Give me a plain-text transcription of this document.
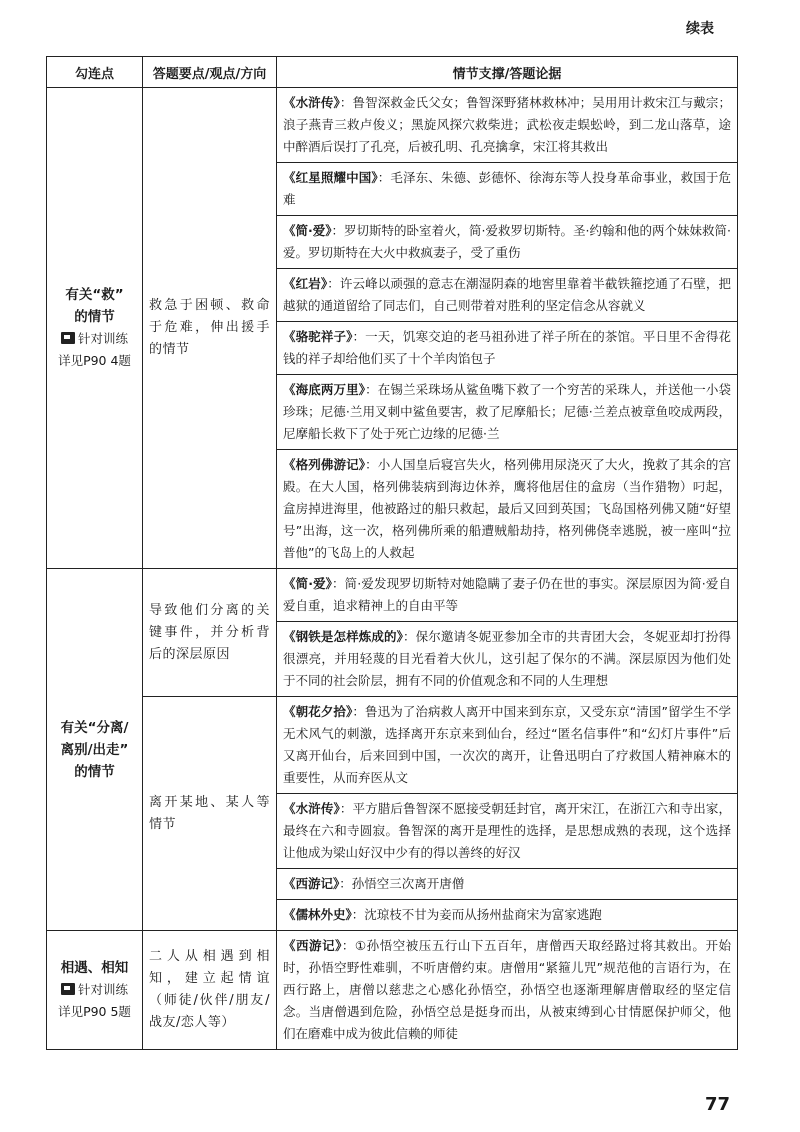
续表
勾连点	答题要点/观点/方向	情节支撑/答题论据

有关“救”
的情节
针对训练
详见P90 4题	救急于困顿、救命于危难，伸出援手的情节	《水浒传》：鲁智深救金氏父女；鲁智深野猪林救林冲；吴用用计救宋江与戴宗；浪子燕青三救卢俊义；黑旋风探穴救柴进；武松夜走蜈蚣岭，到二龙山落草，途中醉酒后误打了孔亮，后被孔明、孔亮擒拿，宋江将其救出
		《红星照耀中国》：毛泽东、朱德、彭德怀、徐海东等人投身革命事业，救国于危难
		《简·爱》：罗切斯特的卧室着火，简·爱救罗切斯特。圣·约翰和他的两个妹妹救简·爱。罗切斯特在大火中救疯妻子，受了重伤
		《红岩》：许云峰以顽强的意志在潮湿阴森的地窖里靠着半截铁箍挖通了石壁，把越狱的通道留给了同志们，自己则带着对胜利的坚定信念从容就义
		《骆驼祥子》：一天，饥寒交迫的老马祖孙进了祥子所在的茶馆。平日里不舍得花钱的祥子却给他们买了十个羊肉馅包子
		《海底两万里》：在锡兰采珠场从鲨鱼嘴下救了一个穷苦的采珠人，并送他一小袋珍珠；尼德·兰用叉刺中鲨鱼要害，救了尼摩船长；尼德·兰差点被章鱼咬成两段，尼摩船长救下了处于死亡边缘的尼德·兰
		《格列佛游记》：小人国皇后寝宫失火，格列佛用尿浇灭了大火，挽救了其余的宫殿。在大人国，格列佛装病到海边休养，鹰将他居住的盒房（当作猎物）叼起，盒房掉进海里，他被路过的船只救起，最后又回到英国；飞岛国格列佛又随“好望号”出海，这一次，格列佛所乘的船遭贼船劫持，格列佛侥幸逃脱，被一座叫“拉普他”的飞岛上的人救起

有关“分离/
离别/出走”
的情节	导致他们分离的关键事件，并分析背后的深层原因	《简·爱》：简·爱发现罗切斯特对她隐瞒了妻子仍在世的事实。深层原因为简·爱自爱自重，追求精神上的自由平等
		《钢铁是怎样炼成的》：保尔邀请冬妮亚参加全市的共青团大会，冬妮亚却打扮得很漂亮，并用轻蔑的目光看着大伙儿，这引起了保尔的不满。深层原因为他们处于不同的社会阶层，拥有不同的价值观念和不同的人生理想
	离开某地、某人等情节	《朝花夕拾》：鲁迅为了治病救人离开中国来到东京，又受东京“清国”留学生不学无术风气的刺激，选择离开东京来到仙台，经过“匿名信事件”和“幻灯片事件”后又离开仙台，后来回到中国，一次次的离开，让鲁迅明白了疗救国人精神麻木的重要性，从而弃医从文
		《水浒传》：平方腊后鲁智深不愿接受朝廷封官，离开宋江，在浙江六和寺出家，最终在六和寺圆寂。鲁智深的离开是理性的选择，是思想成熟的表现，这个选择让他成为梁山好汉中少有的得以善终的好汉
		《西游记》：孙悟空三次离开唐僧
		《儒林外史》：沈琼枝不甘为妾而从扬州盐商宋为富家逃跑

相遇、相知
针对训练
详见P90 5题	二人从相遇到相知，建立起情谊（师徒/伙伴/朋友/战友/恋人等）	《西游记》：①孙悟空被压五行山下五百年，唐僧西天取经路过将其救出。开始时，孙悟空野性难驯，不听唐僧约束。唐僧用“紧箍儿咒”规范他的言语行为，在西行路上，唐僧以慈悲之心感化孙悟空，孙悟空也逐渐理解唐僧取经的坚定信念。当唐僧遇到危险，孙悟空总是挺身而出，从被束缚到心甘情愿保护师父，他们在磨难中成为彼此信赖的师徒
77
